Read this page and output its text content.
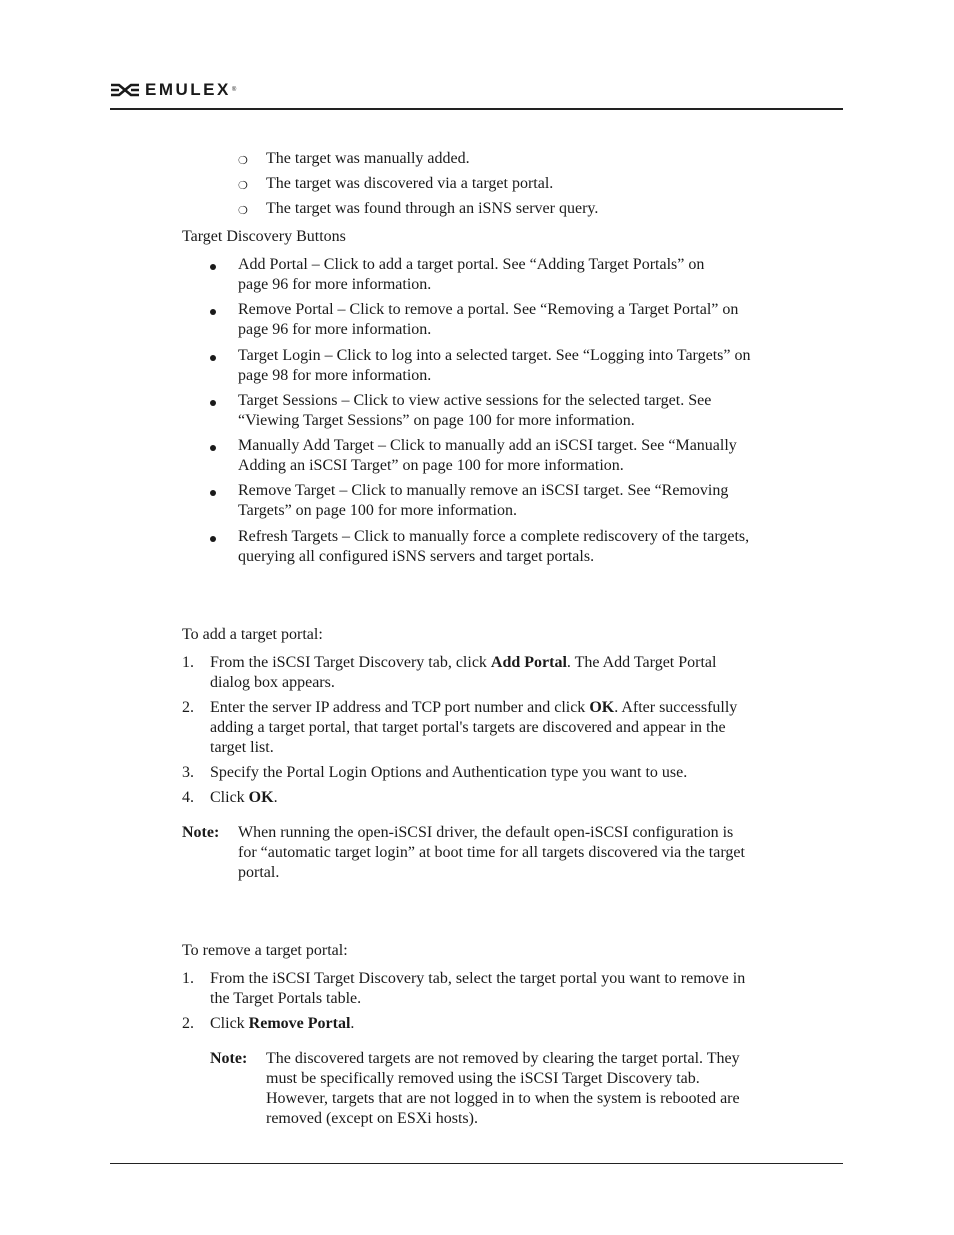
EMULEX ®
❍ The target was manually added.
❍ The target was discovered via a target portal.
❍ The target was found through an iSNS server query.
Target Discovery Buttons
Add Portal – Click to add a target portal. See “Adding Target Portals” on
page 96 for more information.
Remove Portal – Click to remove a portal. See “Removing a Target Portal” on
page 96 for more information.
Target Login – Click to log into a selected target. See “Logging into Targets” on
page 98 for more information.
Target Sessions – Click to view active sessions for the selected target. See
“Viewing Target Sessions” on page 100 for more information.
Manually Add Target – Click to manually add an iSCSI target. See “Manually
Adding an iSCSI Target” on page 100 for more information.
Remove Target – Click to manually remove an iSCSI target. See “Removing
Targets” on page 100 for more information.
Refresh Targets – Click to manually force a complete rediscovery of the targets,
querying all configured iSNS servers and target portals.
To add a target portal:
1. From the iSCSI Target Discovery tab, click Add Portal. The Add Target Portal
dialog box appears.
2. Enter the server IP address and TCP port number and click OK. After successfully
adding a target portal, that target portal's targets are discovered and appear in the
target list.
3. Specify the Portal Login Options and Authentication type you want to use.
4. Click OK.
Note: When running the open-iSCSI driver, the default open-iSCSI configuration is
for “automatic target login” at boot time for all targets discovered via the target
portal.
To remove a target portal:
1. From the iSCSI Target Discovery tab, select the target portal you want to remove in
the Target Portals table.
2. Click Remove Portal.
Note: The discovered targets are not removed by clearing the target portal. They
must be specifically removed using the iSCSI Target Discovery tab.
However, targets that are not logged in to when the system is rebooted are
removed (except on ESXi hosts).
